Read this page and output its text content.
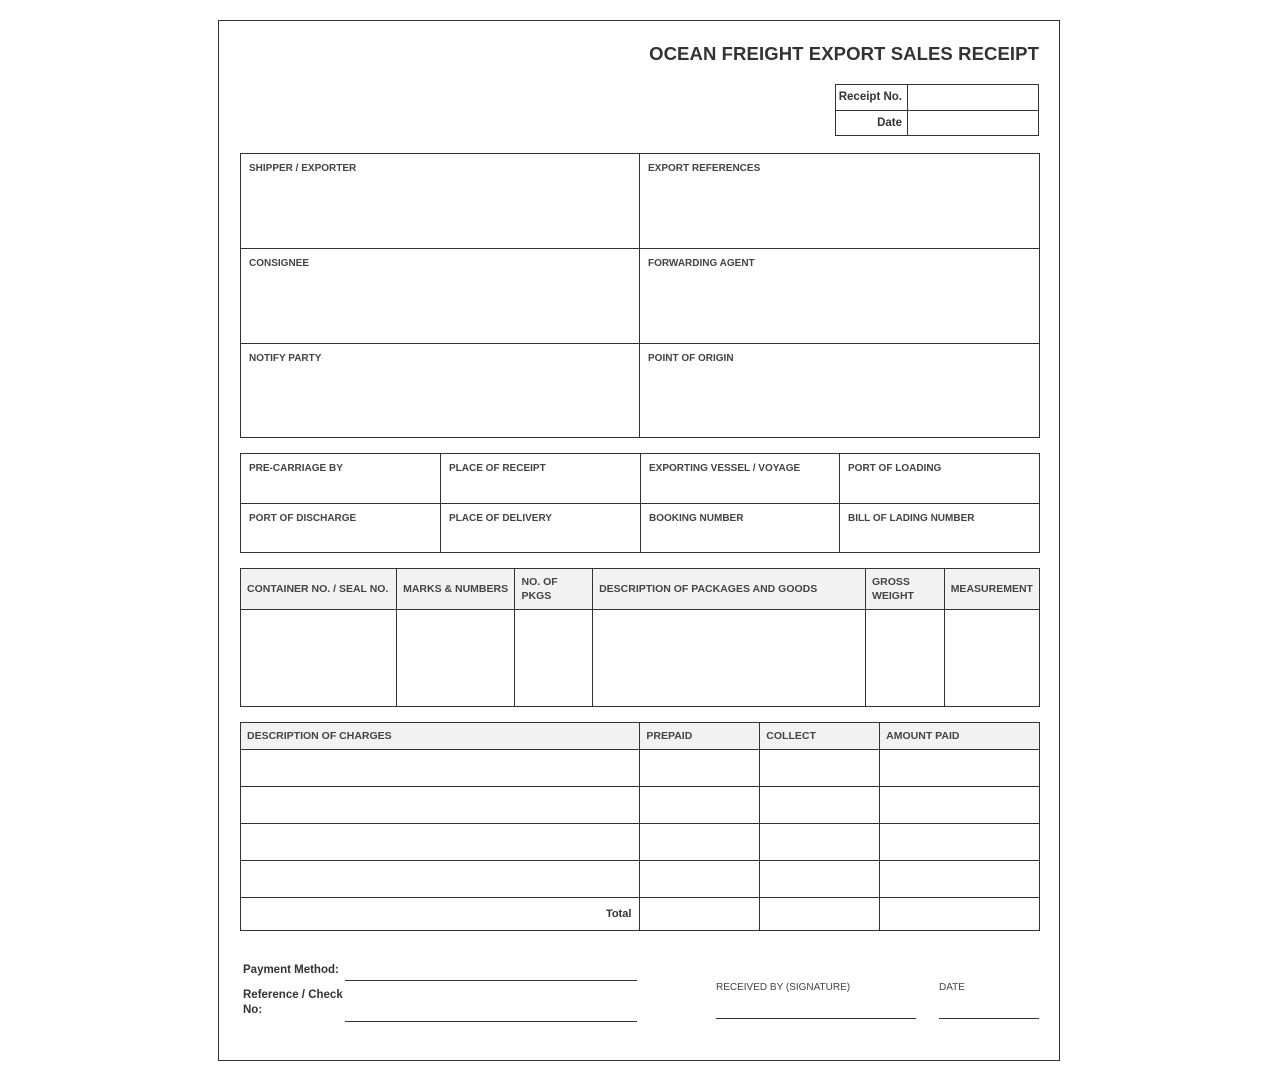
OCEAN FREIGHT EXPORT SALES RECEIPT
Receipt No.
Date
SHIPPER / EXPORTER	EXPORT REFERENCES
CONSIGNEE	FORWARDING AGENT
NOTIFY PARTY	POINT OF ORIGIN
PRE-CARRIAGE BY	PLACE OF RECEIPT	EXPORTING VESSEL / VOYAGE	PORT OF LOADING
PORT OF DISCHARGE	PLACE OF DELIVERY	BOOKING NUMBER	BILL OF LADING NUMBER
CONTAINER NO. / SEAL NO.	MARKS & NUMBERS	NO. OF PKGS	DESCRIPTION OF PACKAGES AND GOODS	GROSS WEIGHT	MEASUREMENT

DESCRIPTION OF CHARGES	PREPAID	COLLECT	AMOUNT PAID

Total			
Payment Method:
Reference / Check No:
RECEIVED BY (SIGNATURE)	DATE
